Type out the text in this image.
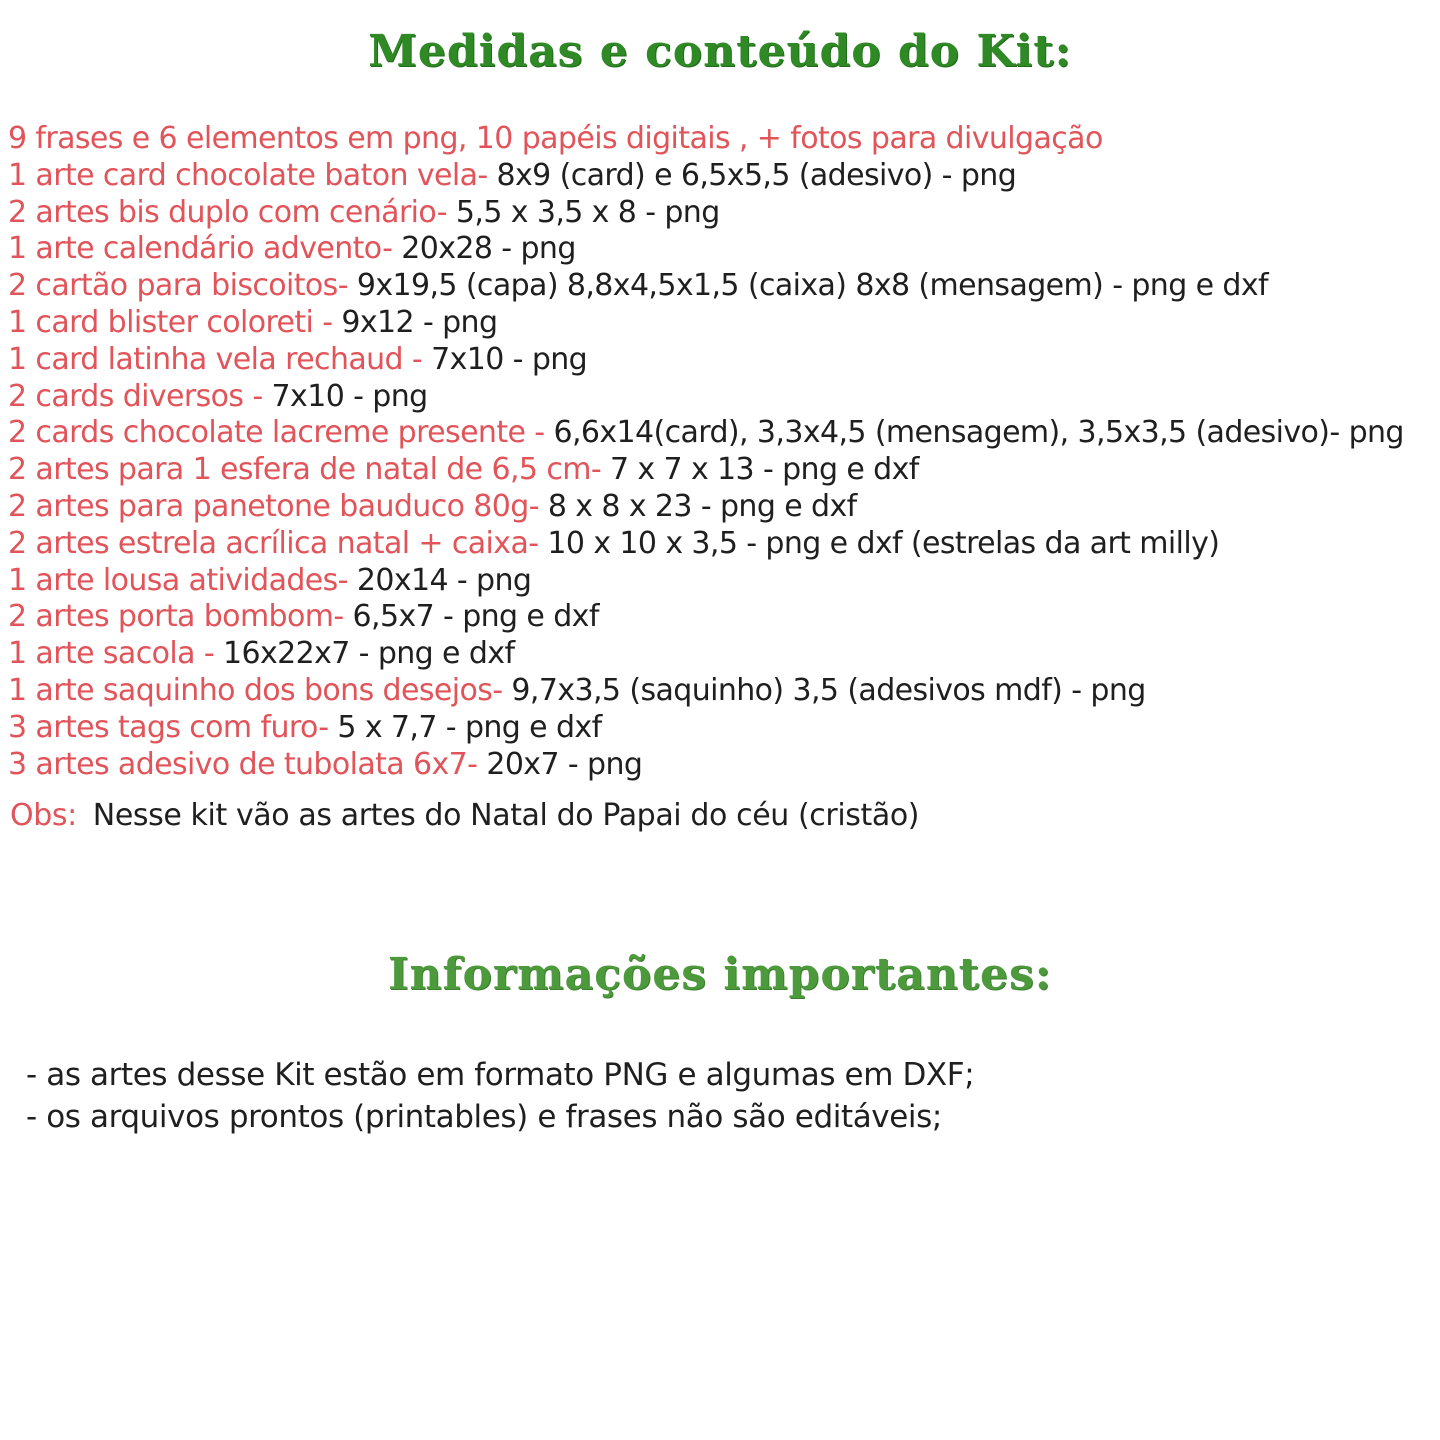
Medidas e conteúdo do Kit:
9 frases e 6 elementos em png, 10 papéis digitais , + fotos para divulgação
1 arte card chocolate baton vela- 8x9 (card) e 6,5x5,5 (adesivo) - png
2 artes bis duplo com cenário- 5,5 x 3,5 x 8 - png
1 arte calendário advento- 20x28 - png
2 cartão para biscoitos- 9x19,5 (capa) 8,8x4,5x1,5 (caixa) 8x8 (mensagem) - png e dxf
1 card blister coloreti - 9x12 - png
1 card latinha vela rechaud - 7x10 - png
2 cards diversos - 7x10 - png
2 cards chocolate lacreme presente - 6,6x14(card), 3,3x4,5 (mensagem), 3,5x3,5 (adesivo)- png
2 artes para 1 esfera de natal de 6,5 cm- 7 x 7 x 13 - png e dxf
2 artes para panetone bauduco 80g- 8 x 8 x 23 - png e dxf
2 artes estrela acrílica natal + caixa- 10 x 10 x 3,5 - png e dxf (estrelas da art milly)
1 arte lousa atividades- 20x14 - png
2 artes porta bombom- 6,5x7 - png e dxf
1 arte sacola - 16x22x7 - png e dxf
1 arte saquinho dos bons desejos- 9,7x3,5 (saquinho) 3,5 (adesivos mdf) - png
3 artes tags com furo- 5 x 7,7 - png e dxf
3 artes adesivo de tubolata 6x7- 20x7 - png
Obs: Nesse kit vão as artes do Natal do Papai do céu (cristão)
Informações importantes:
- as artes desse Kit estão em formato PNG e algumas em DXF;
- os arquivos prontos (printables) e frases não são editáveis;
